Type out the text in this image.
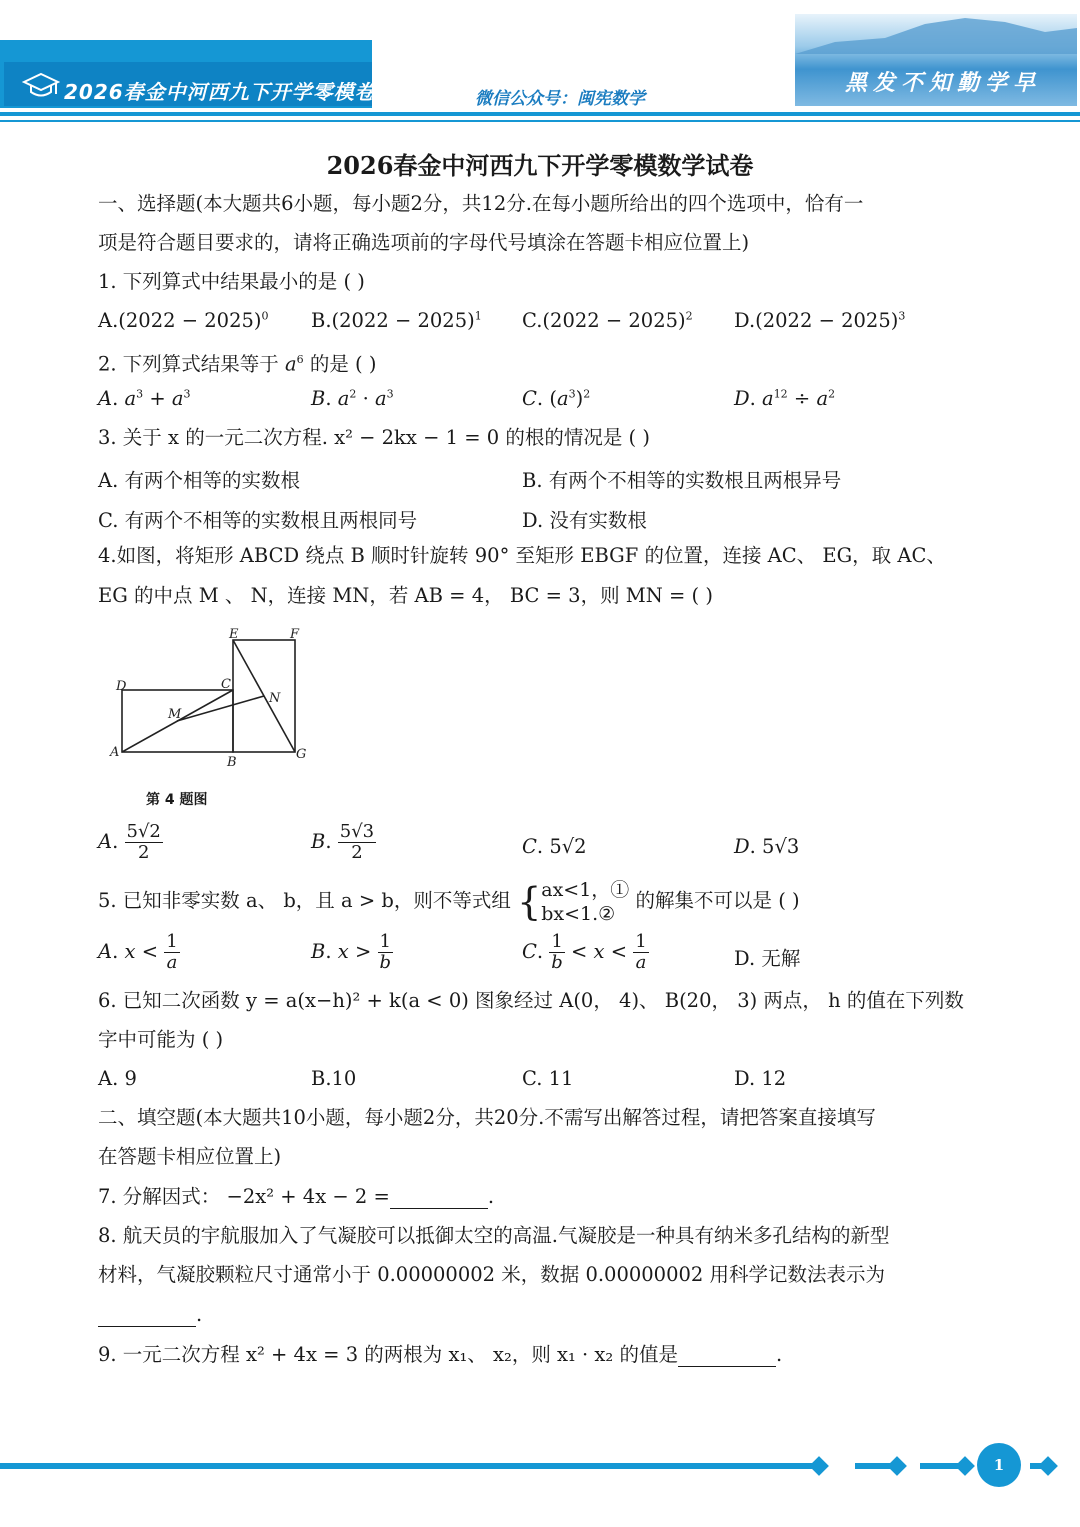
2026春金中河西九下开学零模卷	微信公众号：闽宪数学
黑发不知勤学早
2026春金中河西九下开学零模数学试卷
一、选择题(本大题共6小题，每小题2分，共12分.在每小题所给出的四个选项中，恰有一
项是符合题目要求的，请将正确选项前的字母代号填涂在答题卡相应位置上)
1. 下列算式中结果最小的是 ( )
$A.(2022 - 2025)^0$ $B.(2022 - 2025)^1$ $C.(2022 - 2025)^2$ $D.(2022 - 2025)^3$
2. 下列算式结果等于 $a^6$ 的是 ( )
A. $a^3 + a^3$	B. $a^2 \cdot a^3$	C. $(a^3)^2$	D. $a^{12} \div a^2$
3. 关于 x 的一元二次方程. x² − 2kx − 1 = 0 的根的情况是 ( )
A. 有两个相等的实数根	B. 有两个不相等的实数根且两根异号
C. 有两个不相等的实数根且两根同号	D. 没有实数根
4.如图，将矩形 ABCD 绕点 B 顺时针旋转 90° 至矩形 EBGF 的位置，连接 AC、 EG，取 AC、
EG 的中点 M 、 N，连接 MN，若 AB = 4， BC = 3，则 MN = ( )
D	C
E	F
N
M
A
B
G
第 4 题图
A. $\frac{5√2}{2}$	B. $\frac{5√3}{2}$	C. 5√2	D. 5√3
5. 已知非零实数 a、 b，且 a > b，则不等式组 { ax<1，①
bx<1.②
的解集不可以是 ( )
A. $x < \frac{1}{a}$	B. $x > \frac{1}{b}$	C. $\frac{1}{b} < x < \frac{1}{a}$	D. 无解
6. 已知二次函数 y = a(x−h)² + k(a < 0) 图象经过 A(0， 4)、 B(20， 3) 两点， h 的值在下列数
字中可能为 ( )
A. 9	B.10	C. 11	D. 12
二、填空题(本大题共10小题，每小题2分，共20分.不需写出解答过程，请把答案直接填写
在答题卡相应位置上)
7. 分解因式： −2x² + 4x − 2 =	.
8. 航天员的宇航服加入了气凝胶可以抵御太空的高温.气凝胶是一种具有纳米多孔结构的新型
材料，气凝胶颗粒尺寸通常小于 0.00000002 米，数据 0.00000002 用科学记数法表示为
.
9. 一元二次方程 x² + 4x = 3 的两根为 x₁、 x₂，则 x₁ · x₂ 的值是	.
1
